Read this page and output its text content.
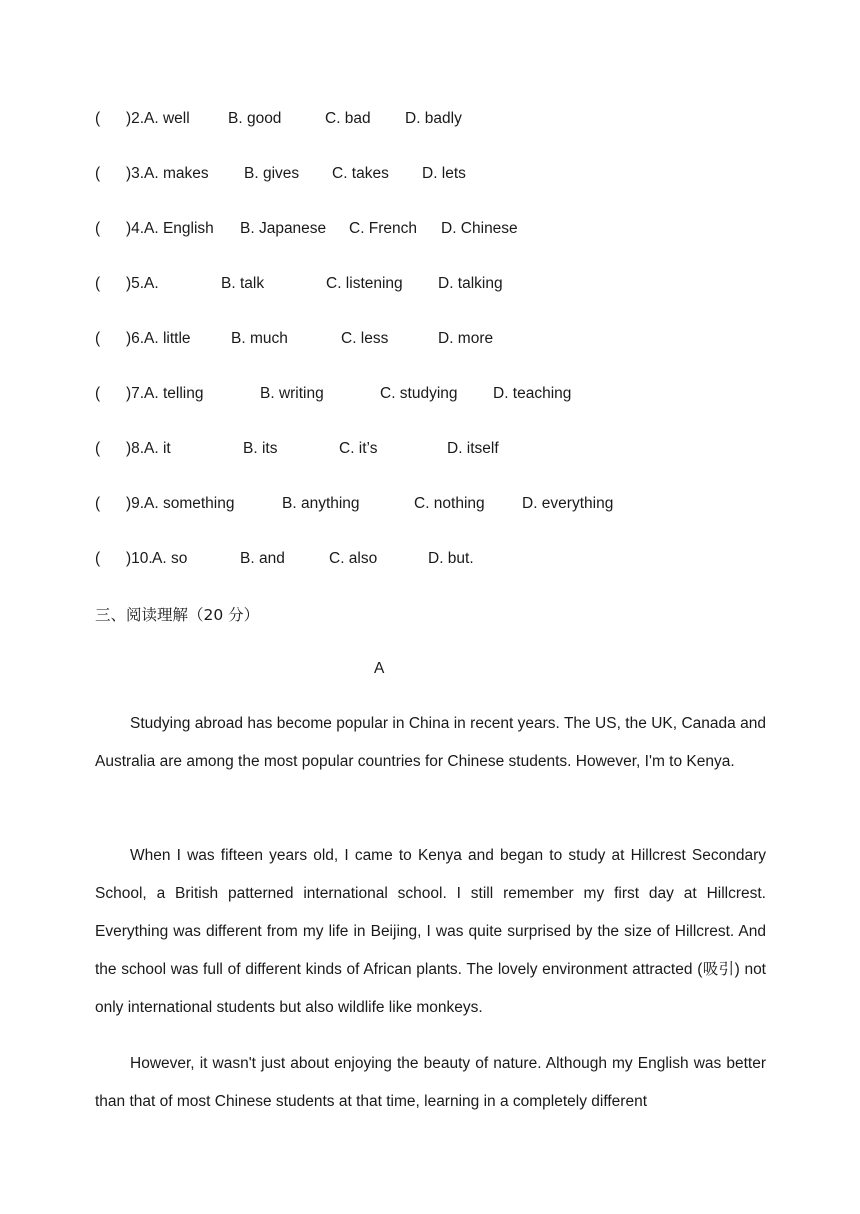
( )2. A. well B. good	C. bad D. badly
( )3. A. makes B. gives C. takes D. lets
( )4. A. English B. Japanese C. French D. Chinese
( )5. A.	B. talk	C. listening D. talking
( )6. A. little	B. much	C. less	D. more
( )7. A. telling	B. writing	C. studying D. teaching
( )8. A. it	B. its	C. it’s	D. itself
( )9. A. something	B. anything	C. nothing D. everything
( )10. A. so	B. and	C. also	D. but.
三、阅读理解（20 分）
A

Studying abroad has become popular in China in recent years. The US, the UK, Canada and Australia are among the most popular countries for Chinese students. However, I'm to Kenya.

When I was fifteen years old, I came to Kenya and began to study at Hillcrest Secondary School, a British patterned international school. I still remember my first day at Hillcrest. Everything was different from my life in Beijing, I was quite surprised by the size of Hillcrest. And the school was full of different kinds of African plants. The lovely environment attracted (吸引) not only international students but also wildlife like monkeys.

However, it wasn't just about enjoying the beauty of nature. Although my English was better than that of most Chinese students at that time, learning in a completely different
